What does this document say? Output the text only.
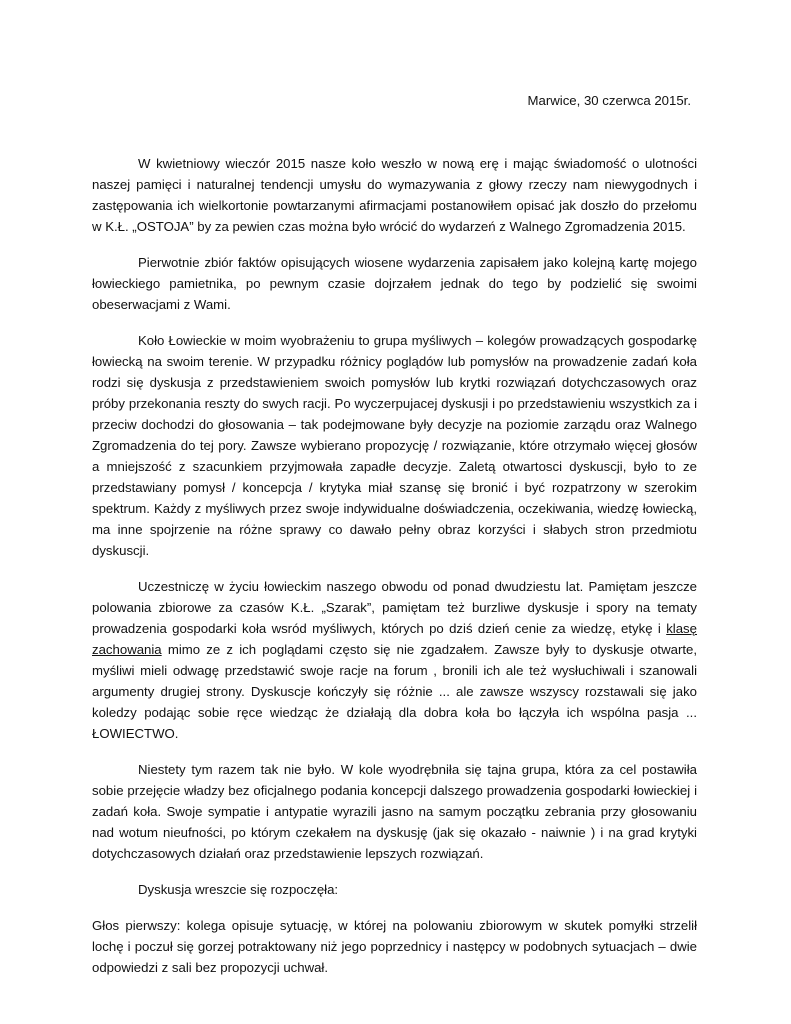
Marwice, 30 czerwca 2015r.

W kwietniowy wieczór 2015 nasze koło weszło w nową erę i mając świadomość o ulotności naszej pamięci i naturalnej tendencji umysłu do wymazywania z głowy rzeczy nam niewygodnych i zastępowania ich wielkortonie powtarzanymi afirmacjami postanowiłem opisać jak doszło do przełomu w K.Ł. „OSTOJA” by za pewien czas można było wrócić do wydarzeń z Walnego Zgromadzenia 2015.

Pierwotnie zbiór faktów opisujących wiosene wydarzenia zapisałem jako kolejną kartę mojego łowieckiego pamietnika, po pewnym czasie dojrzałem jednak do tego by podzielić się swoimi obeserwacjami z Wami.

Koło Łowieckie w moim wyobrażeniu to grupa myśliwych – kolegów prowadzących gospodarkę łowiecką na swoim terenie. W przypadku różnicy poglądów lub pomysłów na prowadzenie zadań koła rodzi się dyskusja z przedstawieniem swoich pomysłów lub krytki rozwiązań dotychczasowych oraz próby przekonania reszty do swych racji. Po wyczerpujacej dyskusji i po przedstawieniu wszystkich za i przeciw dochodzi do głosowania – tak podejmowane były decyzje na poziomie zarządu oraz Walnego Zgromadzenia do tej pory. Zawsze wybierano propozycję / rozwiązanie, które otrzymało więcej głosów a mniejszość z szacunkiem przyjmowała zapadłe decyzje. Zaletą otwartosci dyskuscji, było to ze przedstawiany pomysł / koncepcja / krytyka miał szansę się bronić i być rozpatrzony w szerokim spektrum. Każdy z myśliwych przez swoje indywidualne doświadczenia, oczekiwania, wiedzę łowiecką, ma inne spojrzenie na różne sprawy co dawało pełny obraz korzyści i słabych stron przedmiotu dyskuscji.

Uczestniczę w życiu łowieckim naszego obwodu od ponad dwudziestu lat. Pamiętam jeszcze polowania zbiorowe za czasów K.Ł. „Szarak”, pamiętam też burzliwe dyskusje i spory na tematy prowadzenia gospodarki koła wsród myśliwych, których po dziś dzień cenie za wiedzę, etykę i klasę zachowania mimo ze z ich poglądami często się nie zgadzałem. Zawsze były to dyskusje otwarte, myśliwi mieli odwagę przedstawić swoje racje na forum , bronili ich ale też wysłuchiwali i szanowali argumenty drugiej strony. Dyskuscje kończyły się różnie ... ale zawsze wszyscy rozstawali się jako koledzy podając sobie ręce wiedząc że działają dla dobra koła bo łączyła ich wspólna pasja ... ŁOWIECTWO.

Niestety tym razem tak nie było. W kole wyodrębniła się tajna grupa, która za cel postawiła sobie przejęcie władzy bez oficjalnego podania koncepcji dalszego prowadzenia gospodarki łowieckiej i zadań koła. Swoje sympatie i antypatie wyrazili jasno na samym początku zebrania przy głosowaniu nad wotum nieufności, po którym czekałem na dyskusję (jak się okazało - naiwnie ) i na grad krytyki dotychczasowych działań oraz przedstawienie lepszych rozwiązań.

Dyskusja wreszcie się rozpoczęła:

Głos pierwszy: kolega opisuje sytuację, w której na polowaniu zbiorowym w skutek pomyłki strzelił lochę i poczuł się gorzej potraktowany niż jego poprzednicy i następcy w podobnych sytuacjach – dwie odpowiedzi z sali bez propozycji uchwał.
